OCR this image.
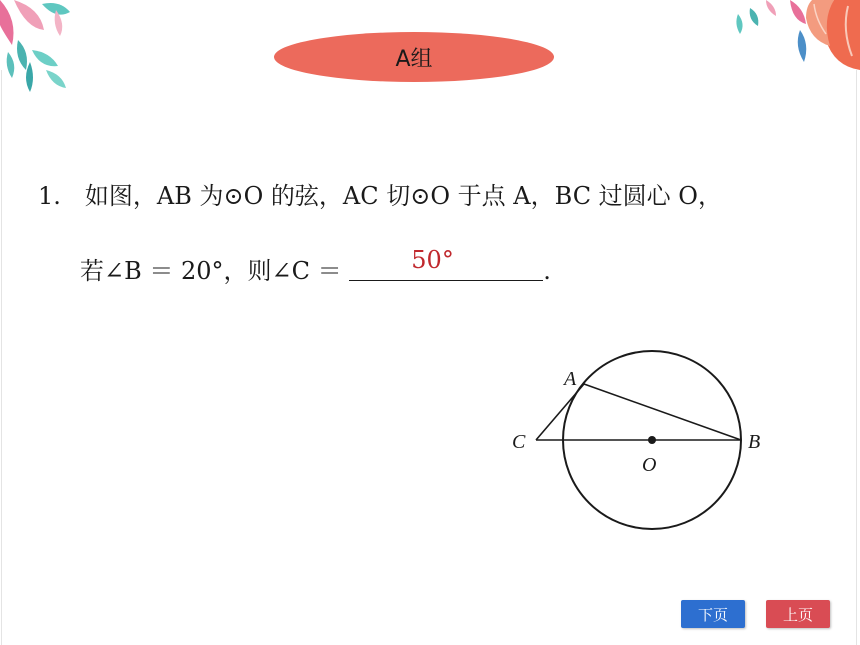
A组
1.　如图，AB 为⊙O 的弦，AC 切⊙O 于点 A，BC 过圆心 O，
若∠B ＝ 20°，则∠C ＝	50°	.
A
B
C
O
下页	上页
